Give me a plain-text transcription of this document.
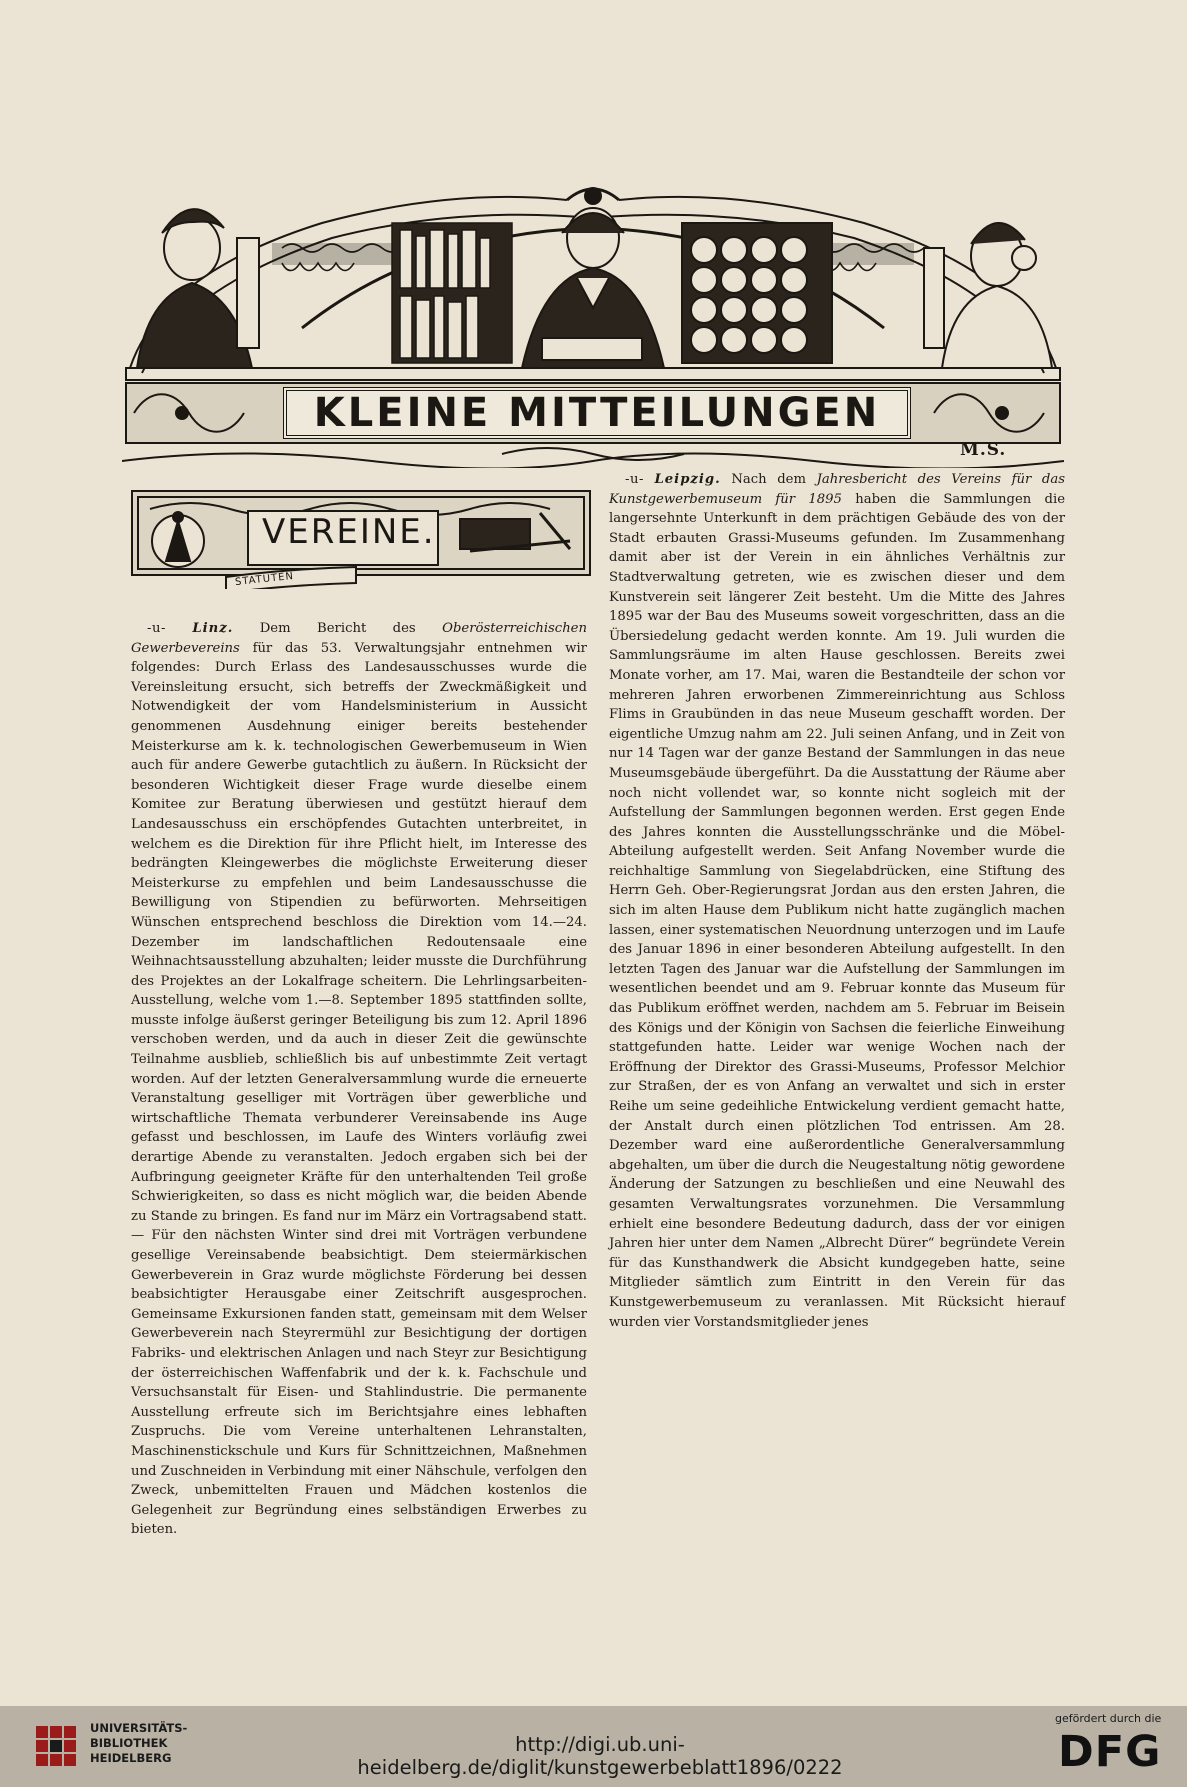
KLEINE MITTEILUNGEN
M.S.
VEREINE.
STATUTEN

-u- Linz. Dem Bericht des Oberösterreichischen Gewerbevereins für das 53. Verwaltungsjahr entnehmen wir folgendes: Durch Erlass des Landesausschusses wurde die Vereinsleitung ersucht, sich betreffs der Zweckmäßigkeit und Notwendigkeit der vom Handelsministerium in Aussicht genommenen Ausdehnung einiger bereits bestehender Meisterkurse am k. k. technologischen Gewerbemuseum in Wien auch für andere Gewerbe gutachtlich zu äußern. In Rücksicht der besonderen Wichtigkeit dieser Frage wurde dieselbe einem Komitee zur Beratung überwiesen und gestützt hierauf dem Landesausschuss ein erschöpfendes Gutachten unterbreitet, in welchem es die Direktion für ihre Pflicht hielt, im Interesse des bedrängten Kleingewerbes die möglichste Erweiterung dieser Meisterkurse zu empfehlen und beim Landesausschusse die Bewilligung von Stipendien zu befürworten. Mehrseitigen Wünschen entsprechend beschloss die Direktion vom 14.—24. Dezember im landschaftlichen Redoutensaale eine Weihnachtsausstellung abzuhalten; leider musste die Durchführung des Projektes an der Lokalfrage scheitern. Die Lehrlingsarbeiten-Ausstellung, welche vom 1.—8. September 1895 stattfinden sollte, musste infolge äußerst geringer Beteiligung bis zum 12. April 1896 verschoben werden, und da auch in dieser Zeit die gewünschte Teilnahme ausblieb, schließlich bis auf unbestimmte Zeit vertagt worden. Auf der letzten Generalversammlung wurde die erneuerte Veranstaltung geselliger mit Vorträgen über gewerbliche und wirtschaftliche Themata verbunderer Vereinsabende ins Auge gefasst und beschlossen, im Laufe des Winters vorläufig zwei derartige Abende zu veranstalten. Jedoch ergaben sich bei der Aufbringung geeigneter Kräfte für den unterhaltenden Teil große Schwierigkeiten, so dass es nicht möglich war, die beiden Abende zu Stande zu bringen. Es fand nur im März ein Vortragsabend statt. — Für den nächsten Winter sind drei mit Vorträgen verbundene gesellige Vereinsabende beabsichtigt. Dem steiermärkischen Gewerbeverein in Graz wurde möglichste Förderung bei dessen beabsichtigter Herausgabe einer Zeitschrift ausgesprochen. Gemeinsame Exkursionen fanden statt, gemeinsam mit dem Welser Gewerbeverein nach Steyrermühl zur Besichtigung der dortigen Fabriks- und elektrischen Anlagen und nach Steyr zur Besichtigung der österreichischen Waffenfabrik und der k. k. Fachschule und Versuchsanstalt für Eisen- und Stahlindustrie. Die permanente Ausstellung erfreute sich im Berichtsjahre eines lebhaften Zuspruchs. Die vom Vereine unterhaltenen Lehranstalten, Maschinenstickschule und Kurs für Schnittzeichnen, Maßnehmen und Zuschneiden in Verbindung mit einer Nähschule, verfolgen den Zweck, unbemittelten Frauen und Mädchen kostenlos die Gelegenheit zur Begründung eines selbständigen Erwerbes zu bieten.

-u- Leipzig. Nach dem Jahresbericht des Vereins für das Kunstgewerbemuseum für 1895 haben die Sammlungen die langersehnte Unterkunft in dem prächtigen Gebäude des von der Stadt erbauten Grassi-Museums gefunden. Im Zusammenhang damit aber ist der Verein in ein ähnliches Verhältnis zur Stadtverwaltung getreten, wie es zwischen dieser und dem Kunstverein seit längerer Zeit besteht. Um die Mitte des Jahres 1895 war der Bau des Museums soweit vorgeschritten, dass an die Übersiedelung gedacht werden konnte. Am 19. Juli wurden die Sammlungsräume im alten Hause geschlossen. Bereits zwei Monate vorher, am 17. Mai, waren die Bestandteile der schon vor mehreren Jahren erworbenen Zimmereinrichtung aus Schloss Flims in Graubünden in das neue Museum geschafft worden. Der eigentliche Umzug nahm am 22. Juli seinen Anfang, und in Zeit von nur 14 Tagen war der ganze Bestand der Sammlungen in das neue Museumsgebäude übergeführt. Da die Ausstattung der Räume aber noch nicht vollendet war, so konnte nicht sogleich mit der Aufstellung der Sammlungen begonnen werden. Erst gegen Ende des Jahres konnten die Ausstellungsschränke und die Möbel-Abteilung aufgestellt werden. Seit Anfang November wurde die reichhaltige Sammlung von Siegelabdrücken, eine Stiftung des Herrn Geh. Ober-Regierungsrat Jordan aus den ersten Jahren, die sich im alten Hause dem Publikum nicht hatte zugänglich machen lassen, einer systematischen Neuordnung unterzogen und im Laufe des Januar 1896 in einer besonderen Abteilung aufgestellt. In den letzten Tagen des Januar war die Aufstellung der Sammlungen im wesentlichen beendet und am 9. Februar konnte das Museum für das Publikum eröffnet werden, nachdem am 5. Februar im Beisein des Königs und der Königin von Sachsen die feierliche Einweihung stattgefunden hatte. Leider war wenige Wochen nach der Eröffnung der Direktor des Grassi-Museums, Professor Melchior zur Straßen, der es von Anfang an verwaltet und sich in erster Reihe um seine gedeihliche Entwickelung verdient gemacht hatte, der Anstalt durch einen plötzlichen Tod entrissen. Am 28. Dezember ward eine außerordentliche Generalversammlung abgehalten, um über die durch die Neugestaltung nötig gewordene Änderung der Satzungen zu beschließen und eine Neuwahl des gesamten Verwaltungsrates vorzunehmen. Die Versammlung erhielt eine besondere Bedeutung dadurch, dass der vor einigen Jahren hier unter dem Namen „Albrecht Dürer“ begründete Verein für das Kunsthandwerk die Absicht kundgegeben hatte, seine Mitglieder sämtlich zum Eintritt in den Verein für das Kunstgewerbemuseum zu veranlassen. Mit Rücksicht hierauf wurden vier Vorstandsmitglieder jenes

UNIVERSITÄTS-
BIBLIOTHEK
HEIDELBERG
http://digi.ub.uni-heidelberg.de/diglit/kunstgewerbeblatt1896/0222
gefördert durch die
DFG
